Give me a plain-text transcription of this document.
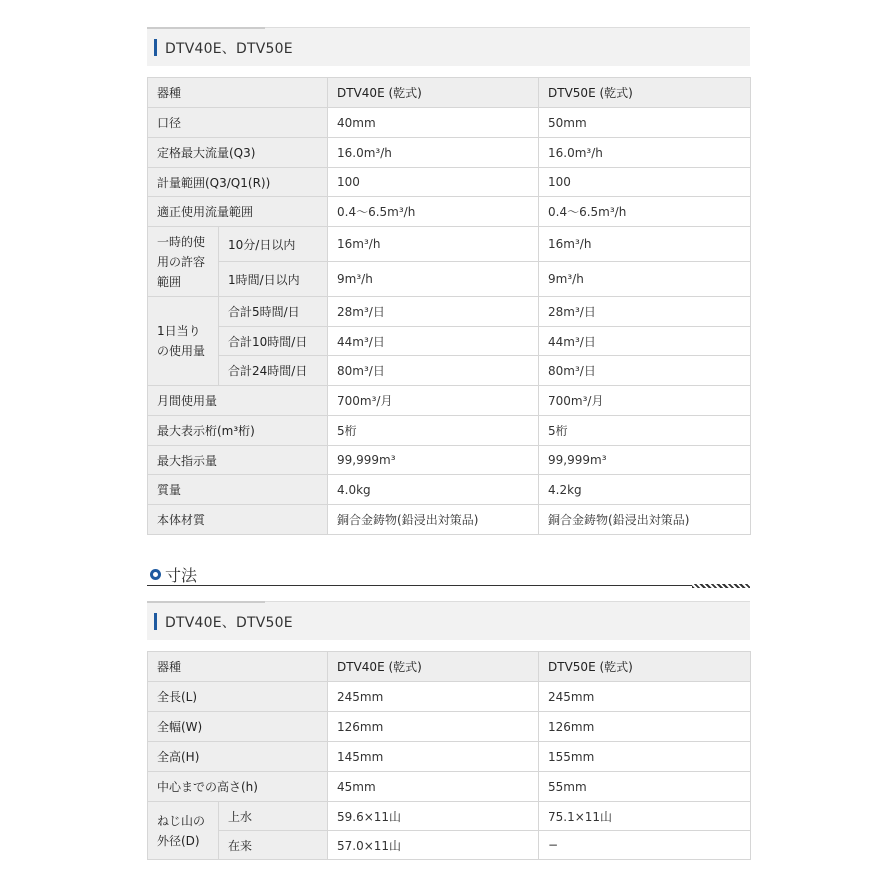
DTV40E、DTV50E
器種		DTV40E (乾式)	DTV50E (乾式)
口径		40mm	50mm
定格最大流量(Q3)		16.0m³/h	16.0m³/h
計量範囲(Q3/Q1(R))		100	100
適正使用流量範囲		0.4〜6.5m³/h	0.4〜6.5m³/h
一時的使用の許容範囲	10分/日以内	16m³/h	16m³/h
	1時間/日以内	9m³/h	9m³/h
1日当りの使用量	合計5時間/日	28m³/日	28m³/日
	合計10時間/日	44m³/日	44m³/日
	合計24時間/日	80m³/日	80m³/日
月間使用量		700m³/月	700m³/月
最大表示桁(m³桁)		5桁	5桁
最大指示量		99,999m³	99,999m³
質量		4.0kg	4.2kg
本体材質		銅合金鋳物(鉛浸出対策品)	銅合金鋳物(鉛浸出対策品)
寸法
DTV40E、DTV50E
器種		DTV40E (乾式)	DTV50E (乾式)
全長(L)		245mm	245mm
全幅(W)		126mm	126mm
全高(H)		145mm	155mm
中心までの高さ(h)		45mm	55mm
ねじ山の外径(D)	上水	59.6×11山	75.1×11山
	在来	57.0×11山	−
